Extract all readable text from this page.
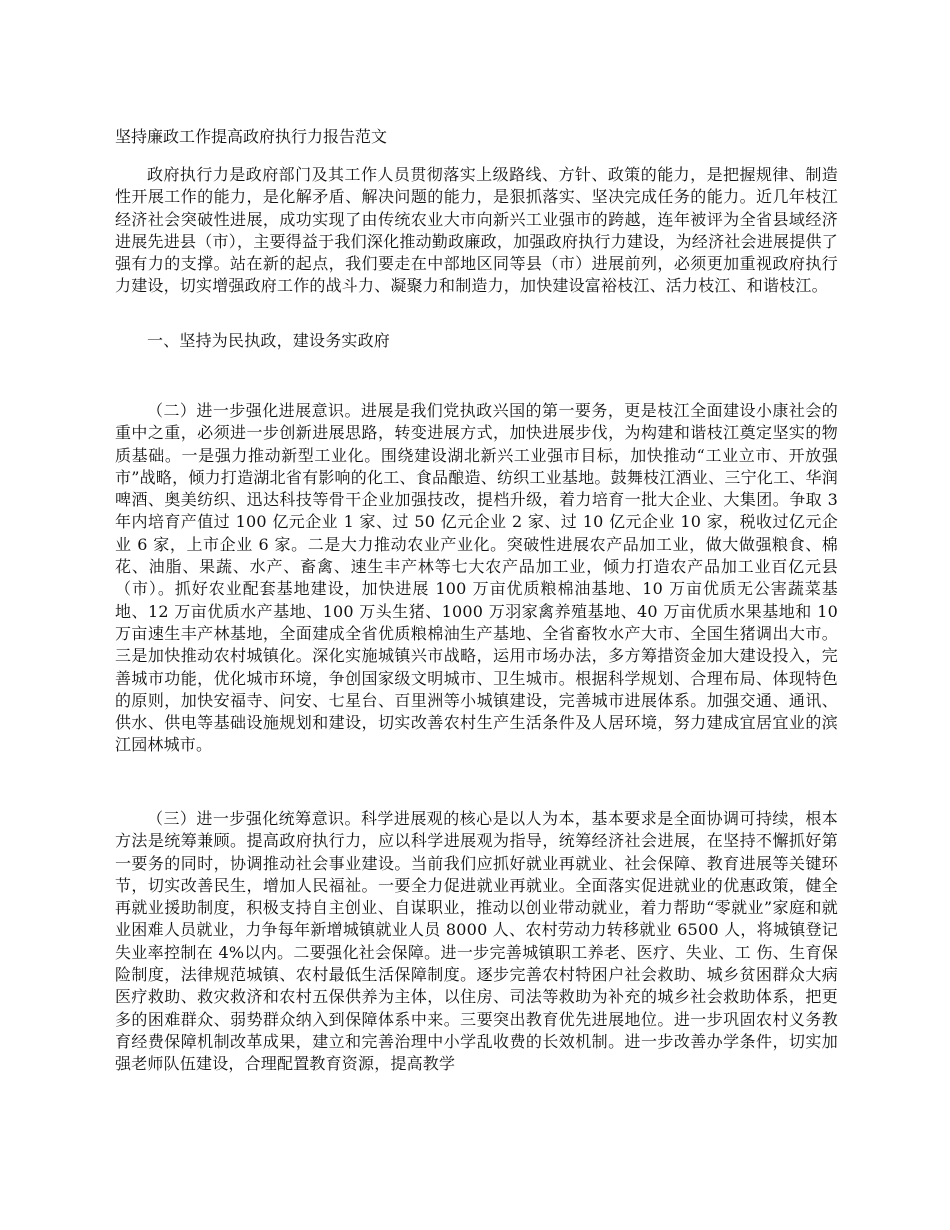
坚持廉政工作提高政府执行力报告范文

政府执行力是政府部门及其工作人员贯彻落实上级路线、方针、政策的能力，是把握规律、制造性开展工作的能力，是化解矛盾、解决问题的能力，是狠抓落实、坚决完成任务的能力。近几年枝江经济社会突破性进展，成功实现了由传统农业大市向新兴工业强市的跨越，连年被评为全省县域经济进展先进县（市），主要得益于我们深化推动勤政廉政，加强政府执行力建设，为经济社会进展提供了强有力的支撑。站在新的起点，我们要走在中部地区同等县（市）进展前列，必须更加重视政府执行力建设，切实增强政府工作的战斗力、凝聚力和制造力，加快建设富裕枝江、活力枝江、和谐枝江。

一、坚持为民执政，建设务实政府

（二）进一步强化进展意识。进展是我们党执政兴国的第一要务，更是枝江全面建设小康社会的重中之重，必须进一步创新进展思路，转变进展方式，加快进展步伐，为构建和谐枝江奠定坚实的物质基础。一是强力推动新型工业化。围绕建设湖北新兴工业强市目标，加快推动“工业立市、开放强市”战略，倾力打造湖北省有影响的化工、食品酿造、纺织工业基地。鼓舞枝江酒业、三宁化工、华润啤酒、奥美纺织、迅达科技等骨干企业加强技改，提档升级，着力培育一批大企业、大集团。争取 3 年内培育产值过 100 亿元企业 1 家、过 50 亿元企业 2 家、过 10 亿元企业 10 家，税收过亿元企业 6 家，上市企业 6 家。二是大力推动农业产业化。突破性进展农产品加工业，做大做强粮食、棉花、油脂、果蔬、水产、畜禽、速生丰产林等七大农产品加工业，倾力打造农产品加工业百亿元县（市）。抓好农业配套基地建设，加快进展 100 万亩优质粮棉油基地、10 万亩优质无公害蔬菜基地、12 万亩优质水产基地、100 万头生猪、1000 万羽家禽养殖基地、40 万亩优质水果基地和 10 万亩速生丰产林基地，全面建成全省优质粮棉油生产基地、全省畜牧水产大市、全国生猪调出大市。三是加快推动农村城镇化。深化实施城镇兴市战略，运用市场办法，多方筹措资金加大建设投入，完善城市功能，优化城市环境，争创国家级文明城市、卫生城市。根据科学规划、合理布局、体现特色的原则，加快安福寺、问安、七星台、百里洲等小城镇建设，完善城市进展体系。加强交通、通讯、供水、供电等基础设施规划和建设，切实改善农村生产生活条件及人居环境，努力建成宜居宜业的滨江园林城市。

（三）进一步强化统筹意识。科学进展观的核心是以人为本，基本要求是全面协调可持续，根本方法是统筹兼顾。提高政府执行力，应以科学进展观为指导，统筹经济社会进展，在坚持不懈抓好第一要务的同时，协调推动社会事业建设。当前我们应抓好就业再就业、社会保障、教育进展等关键环节，切实改善民生，增加人民福祉。一要全力促进就业再就业。全面落实促进就业的优惠政策，健全再就业援助制度，积极支持自主创业、自谋职业，推动以创业带动就业，着力帮助“零就业”家庭和就业困难人员就业，力争每年新增城镇就业人员 8000 人、农村劳动力转移就业 6500 人，将城镇登记失业率控制在 4%以内。二要强化社会保障。进一步完善城镇职工养老、医疗、失业、工 伤、生育保险制度，法律规范城镇、农村最低生活保障制度。逐步完善农村特困户社会救助、城乡贫困群众大病医疗救助、救灾救济和农村五保供养为主体，以住房、司法等救助为补充的城乡社会救助体系，把更多的困难群众、弱势群众纳入到保障体系中来。三要突出教育优先进展地位。进一步巩固农村义务教育经费保障机制改革成果，建立和完善治理中小学乱收费的长效机制。进一步改善办学条件，切实加强老师队伍建设，合理配置教育资源，提高教学
